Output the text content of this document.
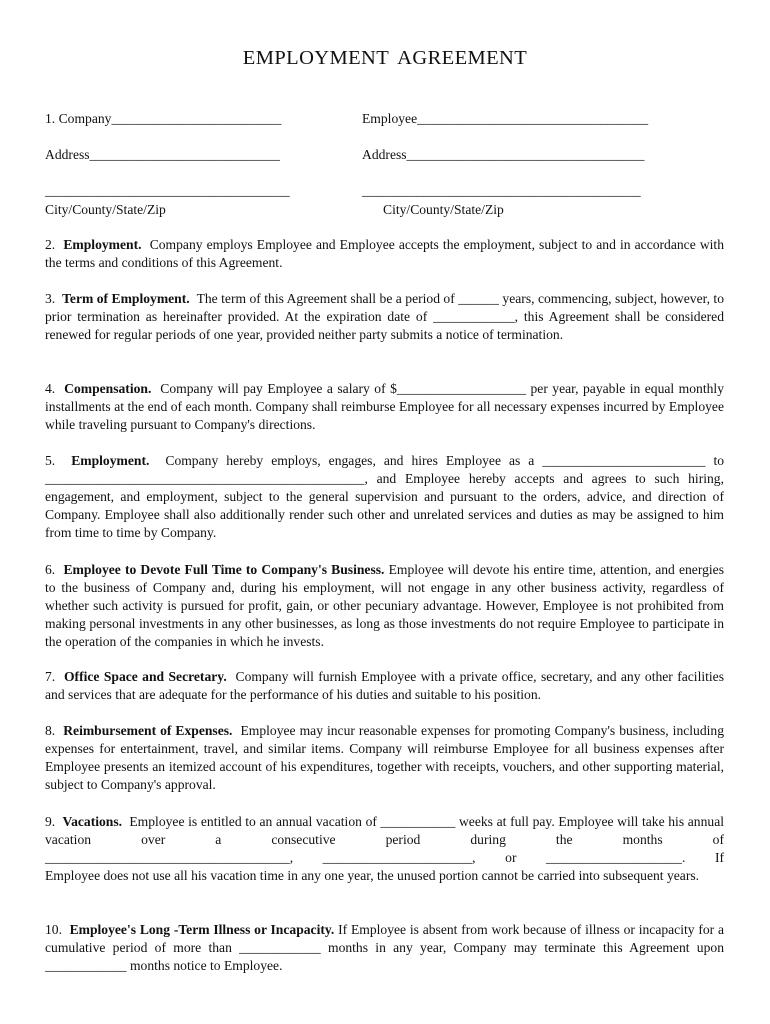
EMPLOYMENT AGREEMENT
1. Company_________________________	Employee__________________________________
Address____________________________	Address___________________________________
____________________________________	_________________________________________
City/County/State/Zip	City/County/State/Zip
2. Employment. Company employs Employee and Employee accepts the employment, subject to and in accordance with the terms and conditions of this Agreement.
3. Term of Employment. The term of this Agreement shall be a period of ______ years, commencing, subject, however, to prior termination as hereinafter provided. At the expiration date of ____________, this Agreement shall be considered renewed for regular periods of one year, provided neither party submits a notice of termination.
4. Compensation. Company will pay Employee a salary of $___________________ per year, payable in equal monthly installments at the end of each month. Company shall reimburse Employee for all necessary expenses incurred by Employee while traveling pursuant to Company's directions.
5. Employment. Company hereby employs, engages, and hires Employee as a ________________________ to _______________________________________________, and Employee hereby accepts and agrees to such hiring, engagement, and employment, subject to the general supervision and pursuant to the orders, advice, and direction of Company. Employee shall also additionally render such other and unrelated services and duties as may be assigned to him from time to time by Company.
6. Employee to Devote Full Time to Company's Business. Employee will devote his entire time, attention, and energies to the business of Company and, during his employment, will not engage in any other business activity, regardless of whether such activity is pursued for profit, gain, or other pecuniary advantage. However, Employee is not prohibited from making personal investments in any other businesses, as long as those investments do not require Employee to participate in the operation of the companies in which he invests.
7. Office Space and Secretary. Company will furnish Employee with a private office, secretary, and any other facilities and services that are adequate for the performance of his duties and suitable to his position.
8. Reimbursement of Expenses. Employee may incur reasonable expenses for promoting Company's business, including expenses for entertainment, travel, and similar items. Company will reimburse Employee for all business expenses after Employee presents an itemized account of his expenditures, together with receipts, vouchers, and other supporting material, subject to Company's approval.
9. Vacations. Employee is entitled to an annual vacation of ___________ weeks at full pay. Employee will take his annual vacation over a consecutive period during the months of
____________________________________, ______________________, or ____________________. If
Employee does not use all his vacation time in any one year, the unused portion cannot be carried into subsequent years.
10. Employee's Long -Term Illness or Incapacity. If Employee is absent from work because of illness or incapacity for a cumulative period of more than ____________ months in any year, Company may terminate this Agreement upon ____________ months notice to Employee.
